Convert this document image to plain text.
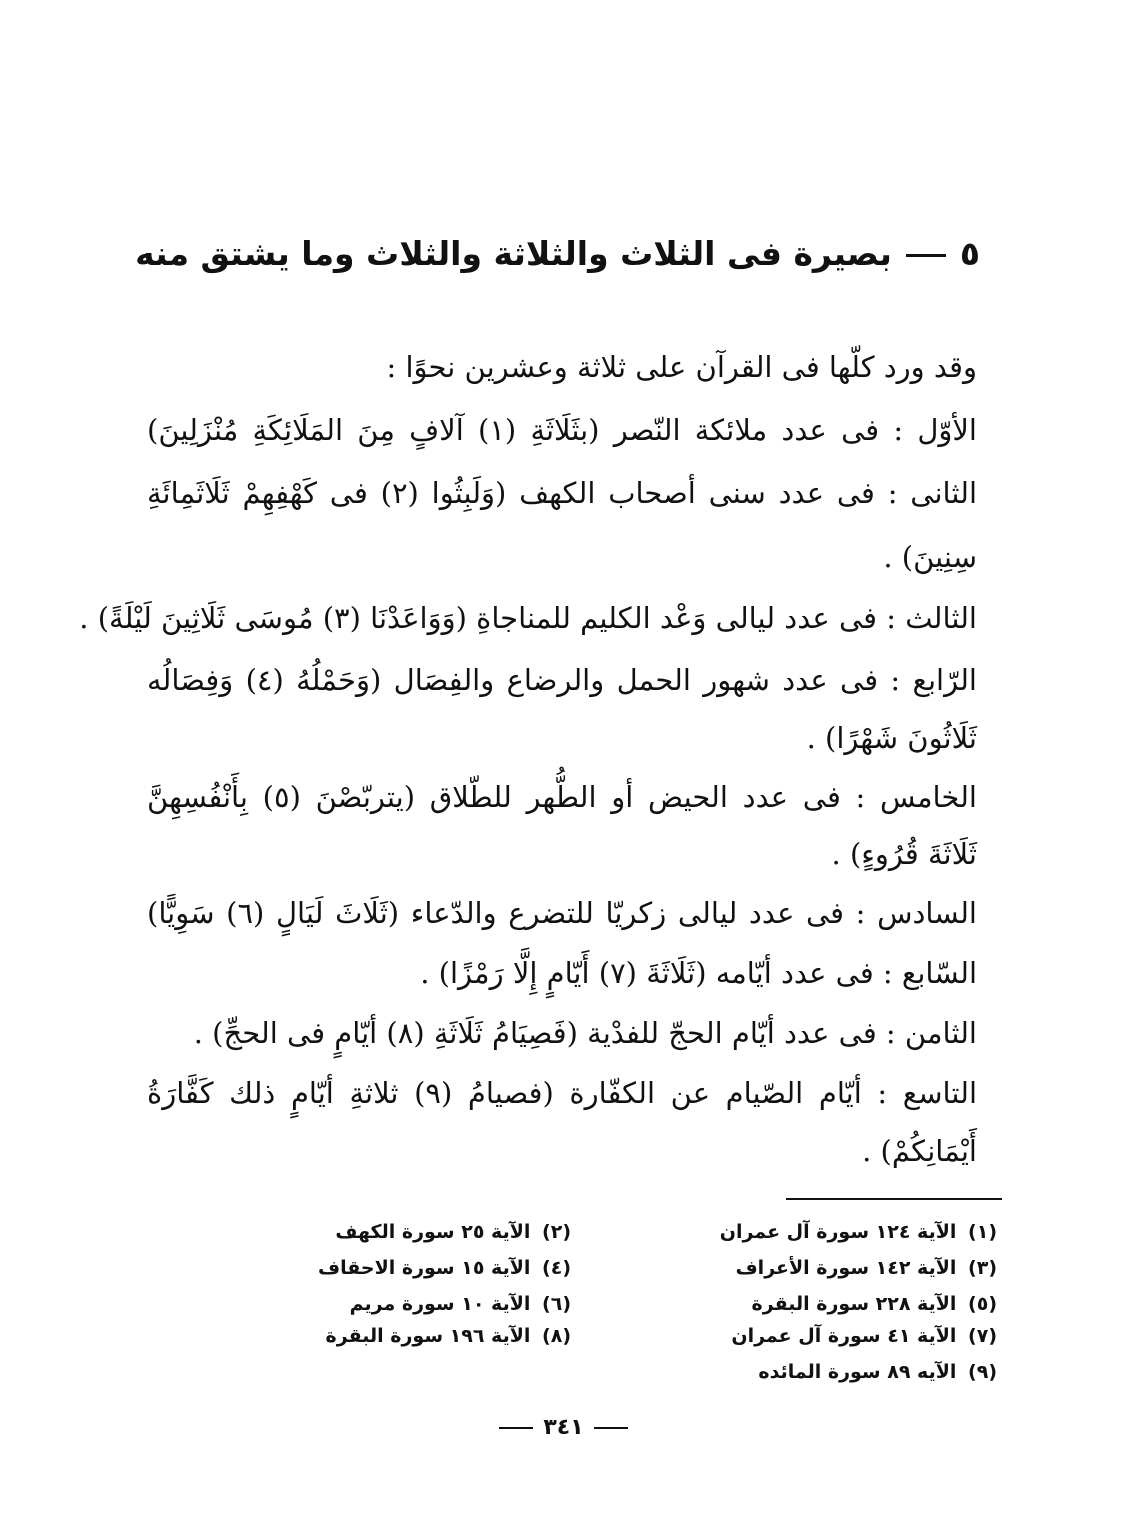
٥بصيرة فى الثلاث والثلاثة والثلاث وما يشتق منه
وقد ورد كلّها فى القرآن على ثلاثة وعشرين نحوًا :
الأوّل : فى عدد ملائكة النّصر (بثَلَاثَةِ (١) آلافٍ مِنَ المَلَائِكَةِ مُنْزَلِينَ)
الثانى : فى عدد سنى أصحاب الكهف (وَلَبِثُوا (٢) فى كَهْفِهِمْ ثَلَاثَمِائَةِ
سِنِينَ) .
الثالث : فى عدد ليالى وَعْد الكليم للمناجاةِ (وَوَاعَدْنَا (٣) مُوسَى ثَلَاثِينَ لَيْلَةً) .
الرّابع : فى عدد شهور الحمل والرضاع والفِصَال (وَحَمْلُهُ (٤) وَفِصَالُه
ثَلَاثُونَ شَهْرًا) .
الخامس : فى عدد الحيض أو الطُّهر للطّلاق (يتربّصْنَ (٥) بِأَنْفُسِهِنَّ
ثَلَاثَةَ قُرُوءٍ) .
السادس : فى عدد ليالى زكريّا للتضرع والدّعاء (ثَلَاثَ لَيَالٍ (٦) سَوِيًّا)
السّابع : فى عدد أيّامه (ثَلَاثَةَ (٧) أَيّامٍ إِلَّا رَمْزًا) .
الثامن : فى عدد أيّام الحجّ للفدْية (فَصِيَامُ ثَلَاثَةِ (٨) أيّامٍ فى الحجِّ) .
التاسع : أيّام الصّيام عن الكفّارة (فصيامُ (٩) ثلاثةِ أيّامٍ ذلك كَفَّارَةُ
أَيْمَانِكُمْ) .
(١) الآية ١٢٤ سورة آل عمران
(٣) الآية ١٤٢ سورة الأعراف
(٥) الآية ٢٢٨ سورة البقرة
(٧) الآية ٤١ سورة آل عمران
(٩) الآيه ٨٩ سورة المائده
(٢) الآية ٢٥ سورة الكهف
(٤) الآية ١٥ سورة الاحقاف
(٦) الآية ١٠ سورة مريم
(٨) الآية ١٩٦ سورة البقرة
٣٤١
